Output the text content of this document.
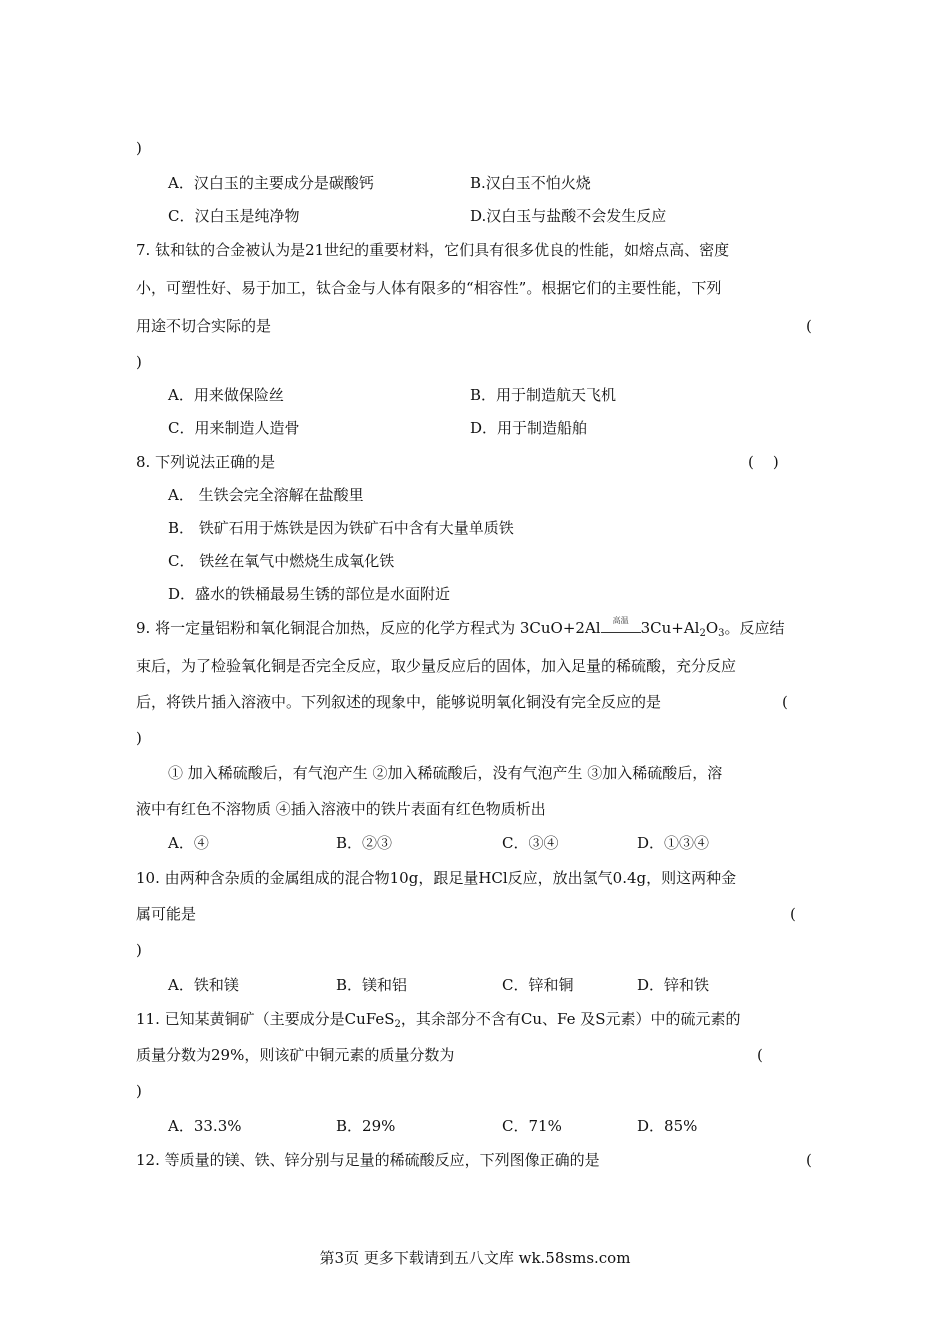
)
A．汉白玉的主要成分是碳酸钙	B.汉白玉不怕火烧
C．汉白玉是纯净物	D.汉白玉与盐酸不会发生反应
7. 钛和钛的合金被认为是21世纪的重要材料，它们具有很多优良的性能，如熔点高、密度
小，可塑性好、易于加工，钛合金与人体有限多的“相容性”。根据它们的主要性能，下列
用途不切合实际的是	(
)
A．用来做保险丝	B．用于制造航天飞机
C．用来制造人造骨	D．用于制造船舶
8. 下列说法正确的是	(    )
A． 生铁会完全溶解在盐酸里
B． 铁矿石用于炼铁是因为铁矿石中含有大量单质铁
C． 铁丝在氧气中燃烧生成氧化铁
D．盛水的铁桶最易生锈的部位是水面附近
9. 将一定量铝粉和氧化铜混合加热，反应的化学方程式为 3CuO+2Al	高温 $3Cu+Al_2O_3$。反应结
束后，为了检验氧化铜是否完全反应，取少量反应后的固体，加入足量的稀硫酸，充分反应
后，将铁片插入溶液中。下列叙述的现象中，能够说明氧化铜没有完全反应的是	(
)
① 加入稀硫酸后，有气泡产生 ②加入稀硫酸后，没有气泡产生 ③加入稀硫酸后，溶
液中有红色不溶物质 ④插入溶液中的铁片表面有红色物质析出
A．④	B．②③	C．③④	D．①③④
10. 由两种含杂质的金属组成的混合物10g，跟足量HCl反应，放出氢气0.4g，则这两种金
属可能是	(
)
A．铁和镁	B．镁和铝	C．锌和铜	D．锌和铁
11. 已知某黄铜矿（主要成分是CuFeS$_2$，其余部分不含有Cu、Fe 及S元素）中的硫元素的
质量分数为29%，则该矿中铜元素的质量分数为	(
)
A．33.3%	B．29%	C．71%	D．85%
12. 等质量的镁、铁、锌分别与足量的稀硫酸反应，下列图像正确的是	(
第3页 更多下载请到五八文库 wk.58sms.com
